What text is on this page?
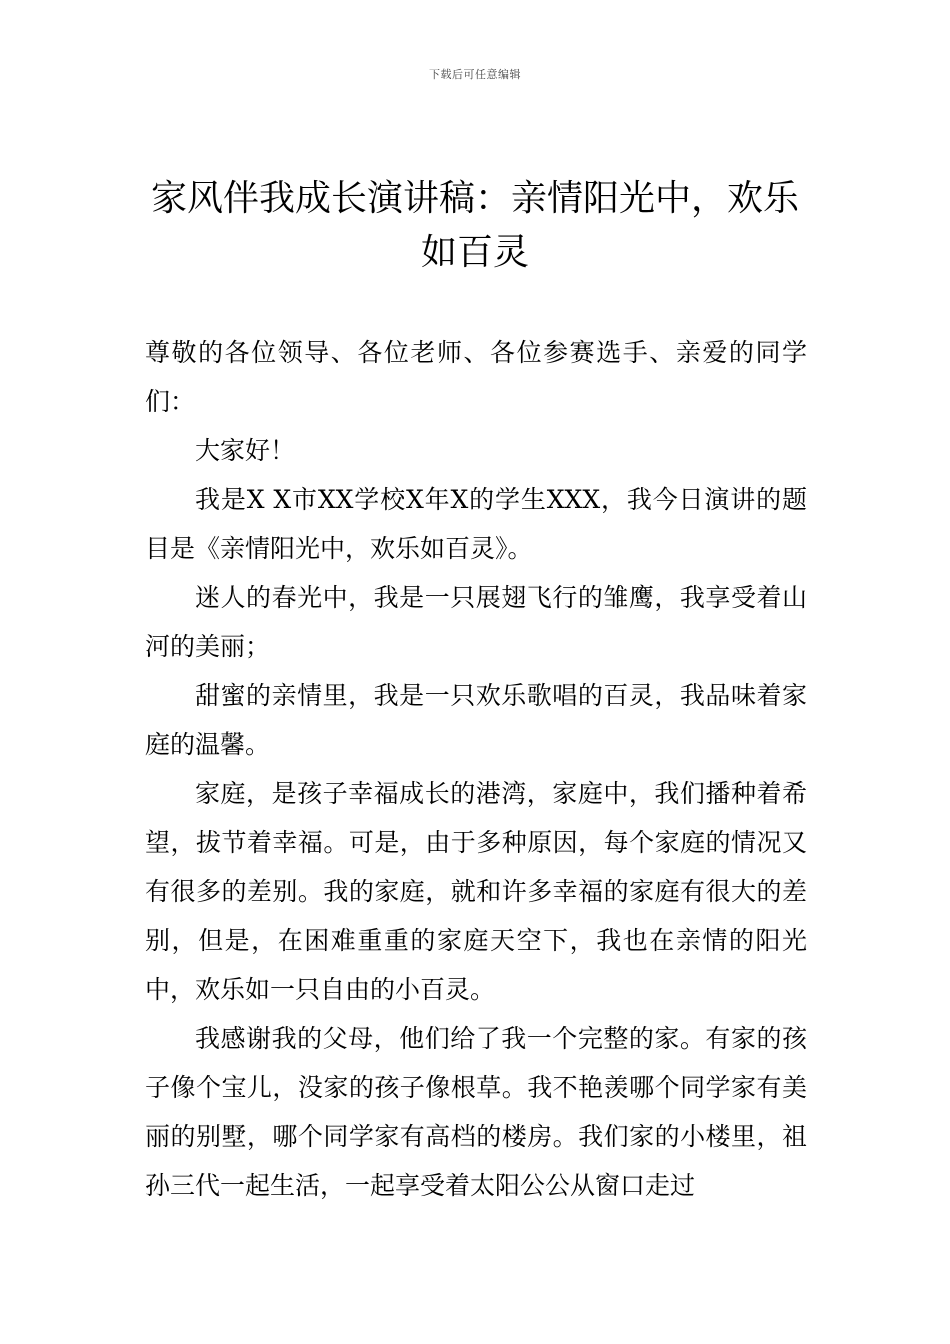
下载后可任意编辑
家风伴我成长演讲稿：亲情阳光中，欢乐如百灵

尊敬的各位领导、各位老师、各位参赛选手、亲爱的同学们：

大家好！

我是X X市XX学校X年X的学生XXX，我今日演讲的题目是《亲情阳光中，欢乐如百灵》。

迷人的春光中，我是一只展翅飞行的雏鹰，我享受着山河的美丽；

甜蜜的亲情里，我是一只欢乐歌唱的百灵，我品味着家庭的温馨。

家庭，是孩子幸福成长的港湾，家庭中，我们播种着希望，拔节着幸福。可是，由于多种原因，每个家庭的情况又有很多的差别。我的家庭，就和许多幸福的家庭有很大的差别，但是，在困难重重的家庭天空下，我也在亲情的阳光中，欢乐如一只自由的小百灵。

我感谢我的父母，他们给了我一个完整的家。有家的孩子像个宝儿，没家的孩子像根草。我不艳羡哪个同学家有美丽的别墅，哪个同学家有高档的楼房。我们家的小楼里，祖孙三代一起生活，一起享受着太阳公公从窗口走过
